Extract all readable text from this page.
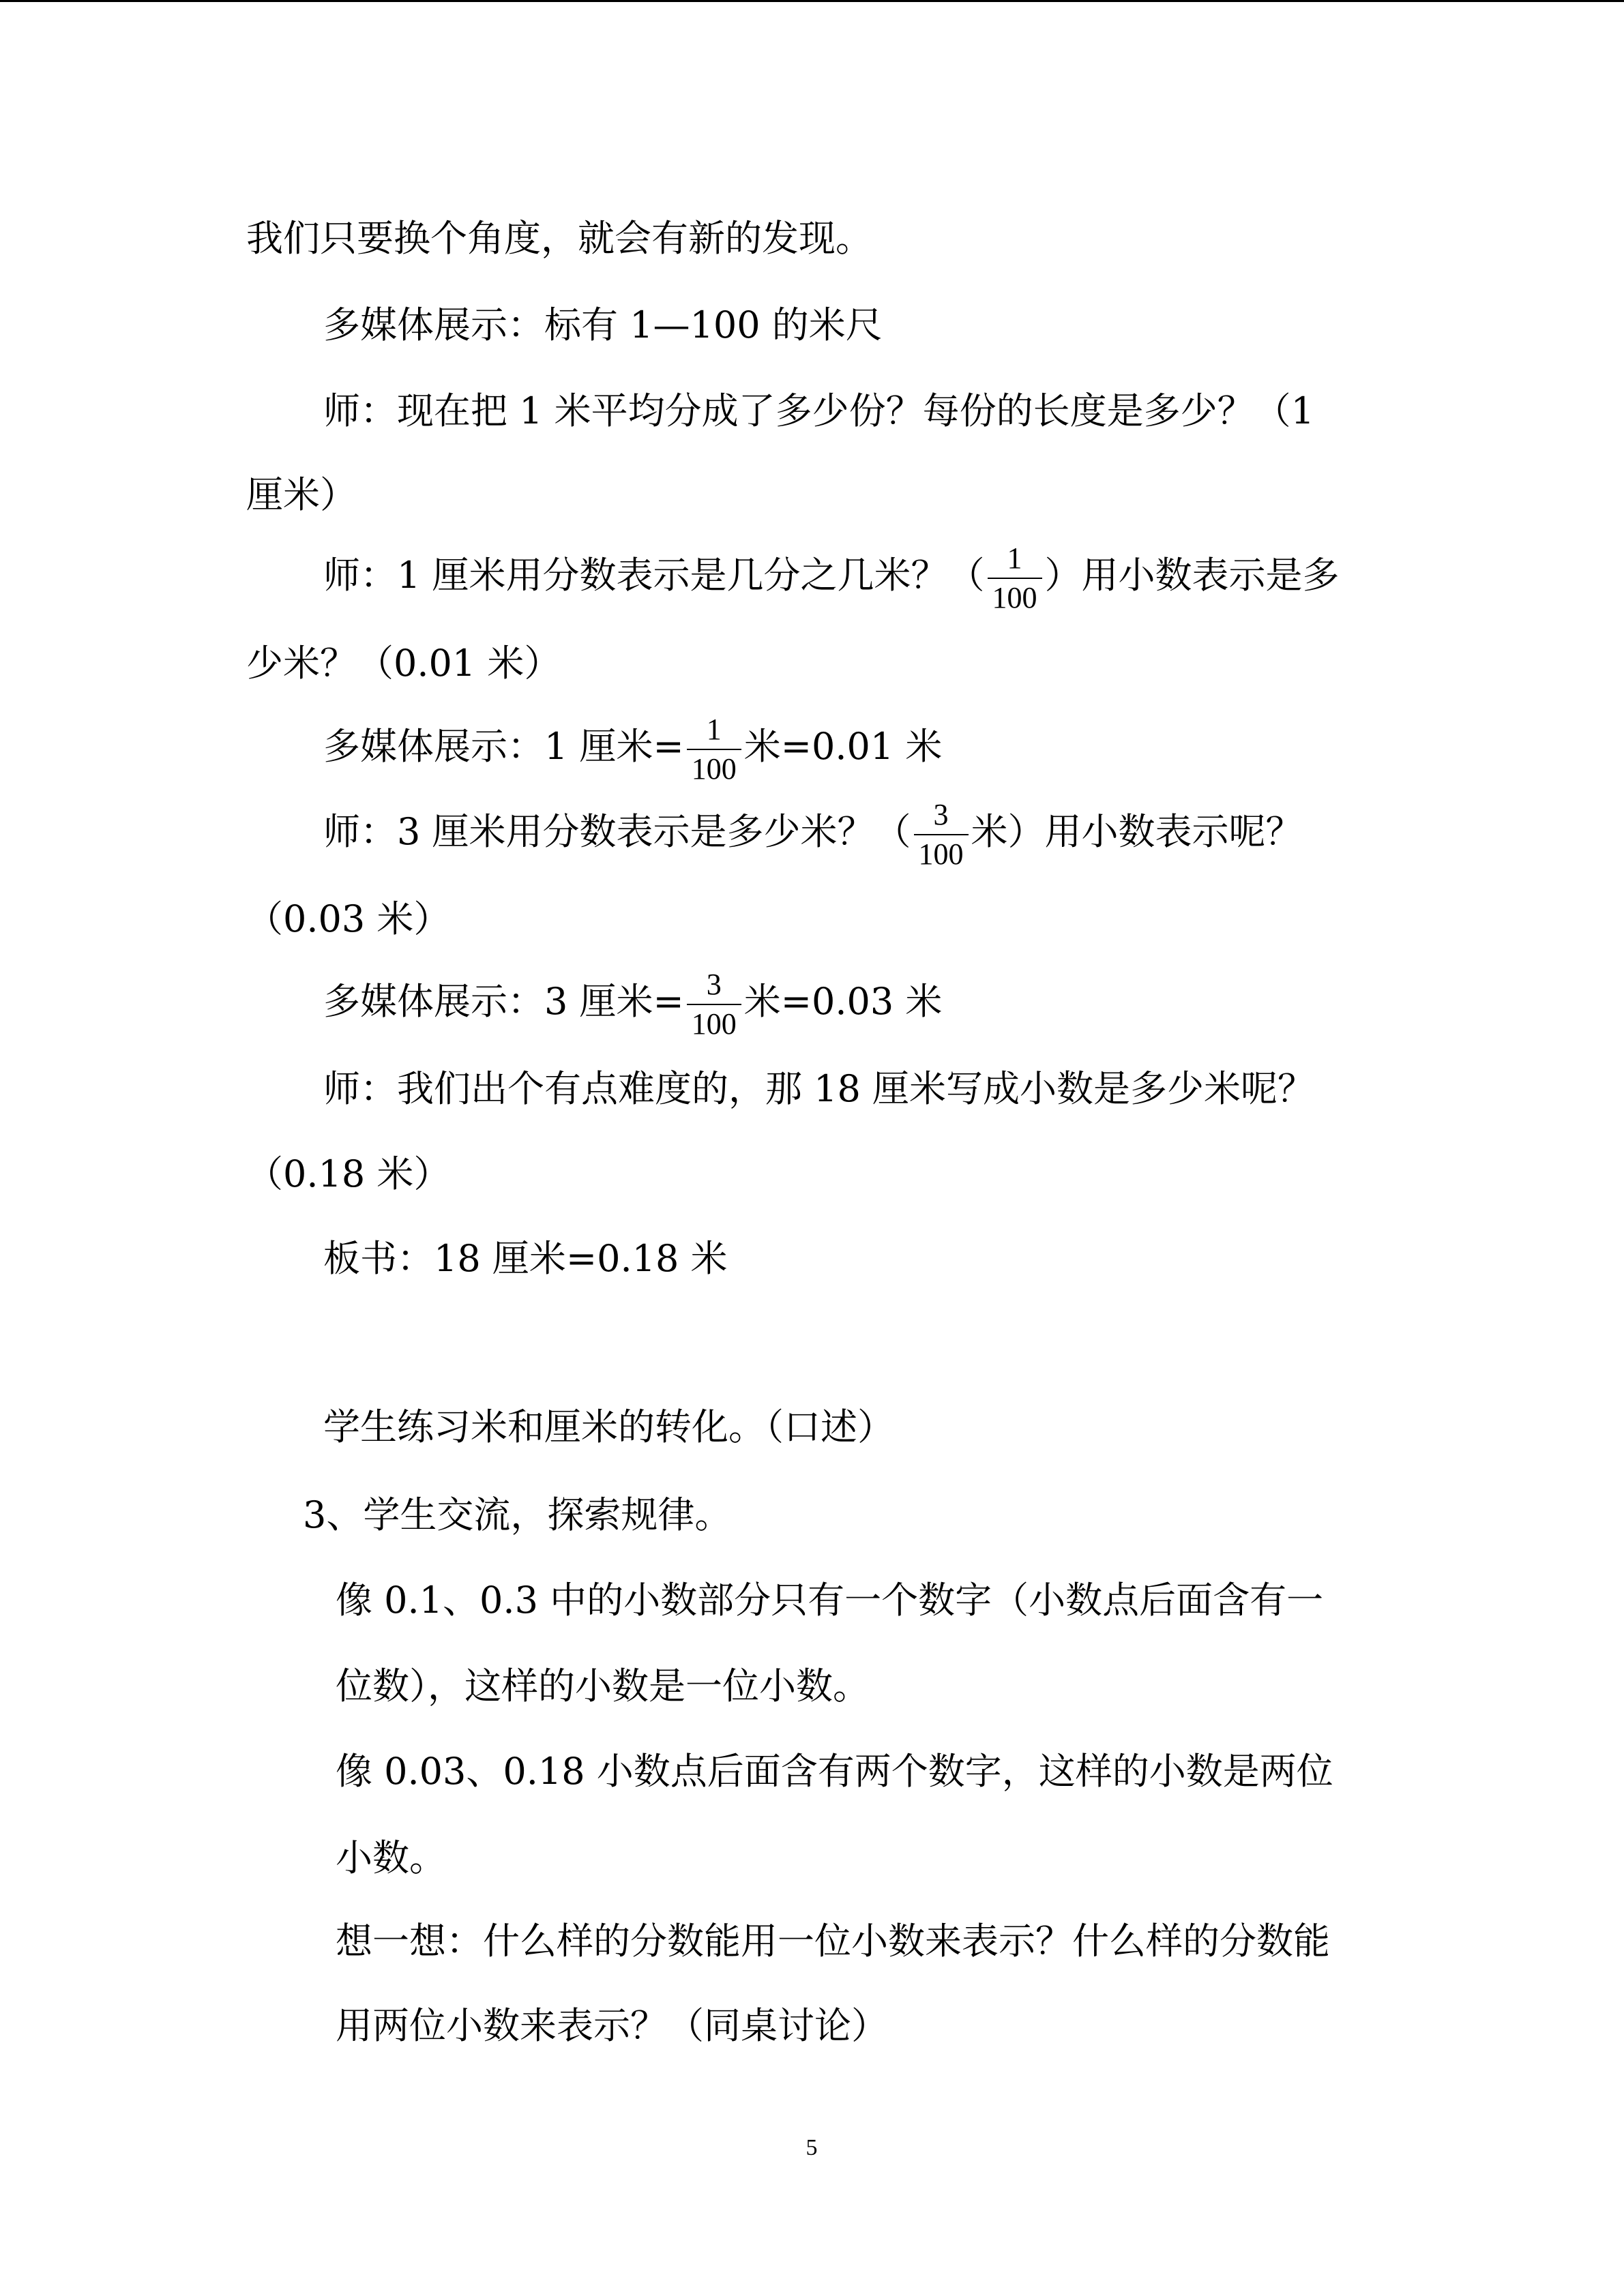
我们只要换个角度，就会有新的发现。
多媒体展示：标有 1—100 的米尺
师：现在把 1 米平均分成了多少份？每份的长度是多少？（1
厘米）
师：1 厘米用分数表示是几分之几米？（ $\frac{1}{100}$ ）用小数表示是多
少米？（0.01 米）
多媒体展示：1 厘米= $\frac{1}{100}$ 米=0.01 米
师：3 厘米用分数表示是多少米？（ $\frac{3}{100}$ 米）用小数表示呢？
（0.03 米）
多媒体展示：3 厘米= $\frac{3}{100}$ 米=0.03 米
师：我们出个有点难度的，那 18 厘米写成小数是多少米呢？
（0.18 米）
板书：18 厘米=0.18 米
学生练习米和厘米的转化。（口述）
3、学生交流，探索规律。
像 0.1、0.3 中的小数部分只有一个数字（小数点后面含有一
位数），这样的小数是一位小数。
像 0.03、0.18 小数点后面含有两个数字，这样的小数是两位
小数。
想一想：什么样的分数能用一位小数来表示？什么样的分数能
用两位小数来表示？（同桌讨论）
5
